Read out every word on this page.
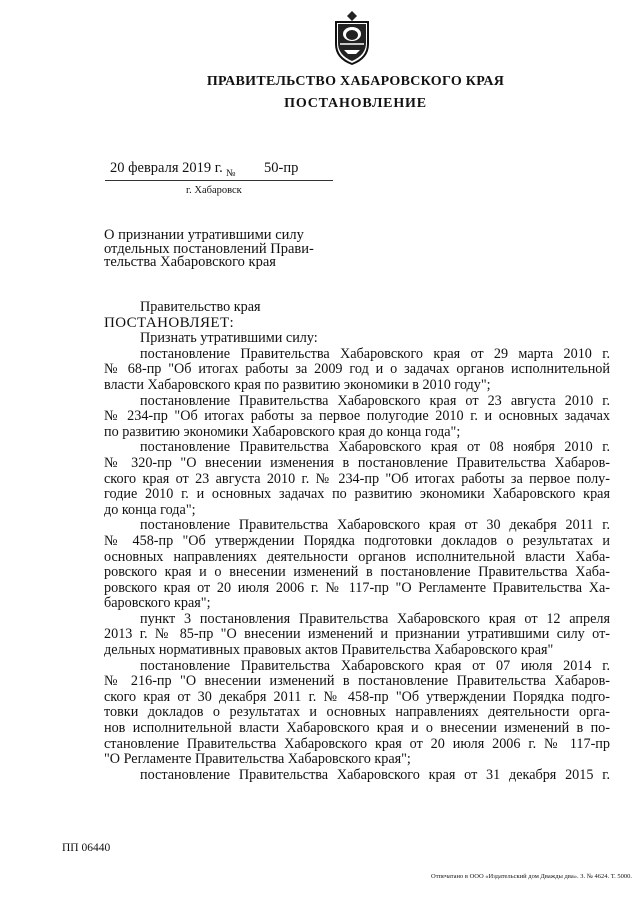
ПРАВИТЕЛЬСТВО ХАБАРОВСКОГО КРАЯ
ПОСТАНОВЛЕНИЕ
20 февраля 2019 г. № 50-пр
г. Хабаровск
О признании утратившими силу
отдельных постановлений Прави-
тельства Хабаровского края
Правительство края
ПОСТАНОВЛЯЕТ:
Признать утратившими силу:
постановление Правительства Хабаровского края от 29 марта 2010 г.
№ 68-пр "Об итогах работы за 2009 год и о задачах органов исполнительной
власти Хабаровского края по развитию экономики в 2010 году";
постановление Правительства Хабаровского края от 23 августа 2010 г.
№ 234-пр "Об итогах работы за первое полугодие 2010 г. и основных задачах
по развитию экономики Хабаровского края до конца года";
постановление Правительства Хабаровского края от 08 ноября 2010 г.
№ 320-пр "О внесении изменения в постановление Правительства Хабаров-
ского края от 23 августа 2010 г. № 234-пр "Об итогах работы за первое полу-
годие 2010 г. и основных задачах по развитию экономики Хабаровского края
до конца года";
постановление Правительства Хабаровского края от 30 декабря 2011 г.
№ 458-пр "Об утверждении Порядка подготовки докладов о результатах и
основных направлениях деятельности органов исполнительной власти Хаба-
ровского края и о внесении изменений в постановление Правительства Хаба-
ровского края от 20 июля 2006 г. № 117-пр "О Регламенте Правительства Ха-
баровского края";
пункт 3 постановления Правительства Хабаровского края от 12 апреля
2013 г. № 85-пр "О внесении изменений и признании утратившими силу от-
дельных нормативных правовых актов Правительства Хабаровского края"
постановление Правительства Хабаровского края от 07 июля 2014 г.
№ 216-пр "О внесении изменений в постановление Правительства Хабаров-
ского края от 30 декабря 2011 г. № 458-пр "Об утверждении Порядка подго-
товки докладов о результатах и основных направлениях деятельности орга-
нов исполнительной власти Хабаровского края и о внесении изменений в по-
становление Правительства Хабаровского края от 20 июля 2006 г. № 117-пр
"О Регламенте Правительства Хабаровского края";
постановление Правительства Хабаровского края от 31 декабря 2015 г.
ПП 06440
Отпечатано в ООО «Издательский дом Дважды два». З. № 4624. Т. 5000.
